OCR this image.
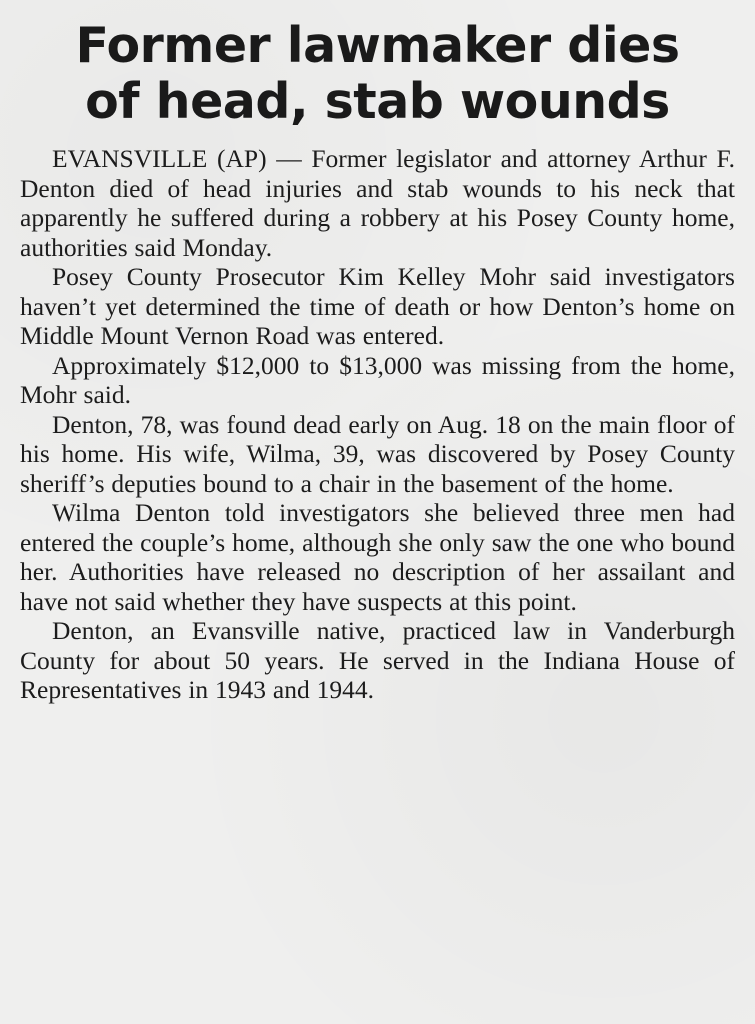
Former lawmaker dies
of head, stab wounds

EVANSVILLE (AP) — Former legislator and attorney Arthur F. Denton died of head injuries and stab wounds to his neck that apparently he suffered during a robbery at his Posey County home, authorities said Monday.

Posey County Prosecutor Kim Kelley Mohr said investigators haven’t yet determined the time of death or how Denton’s home on Middle Mount Vernon Road was entered.

Approximately $12,000 to $13,000 was missing from the home, Mohr said.

Denton, 78, was found dead early on Aug. 18 on the main floor of his home. His wife, Wilma, 39, was discovered by Posey County sheriff’s deputies bound to a chair in the basement of the home.

Wilma Denton told investigators she believed three men had entered the couple’s home, although she only saw the one who bound her. Authorities have released no description of her assailant and have not said whether they have suspects at this point.

Denton, an Evansville native, practiced law in Vanderburgh County for about 50 years. He served in the Indiana House of Representatives in 1943 and 1944.
